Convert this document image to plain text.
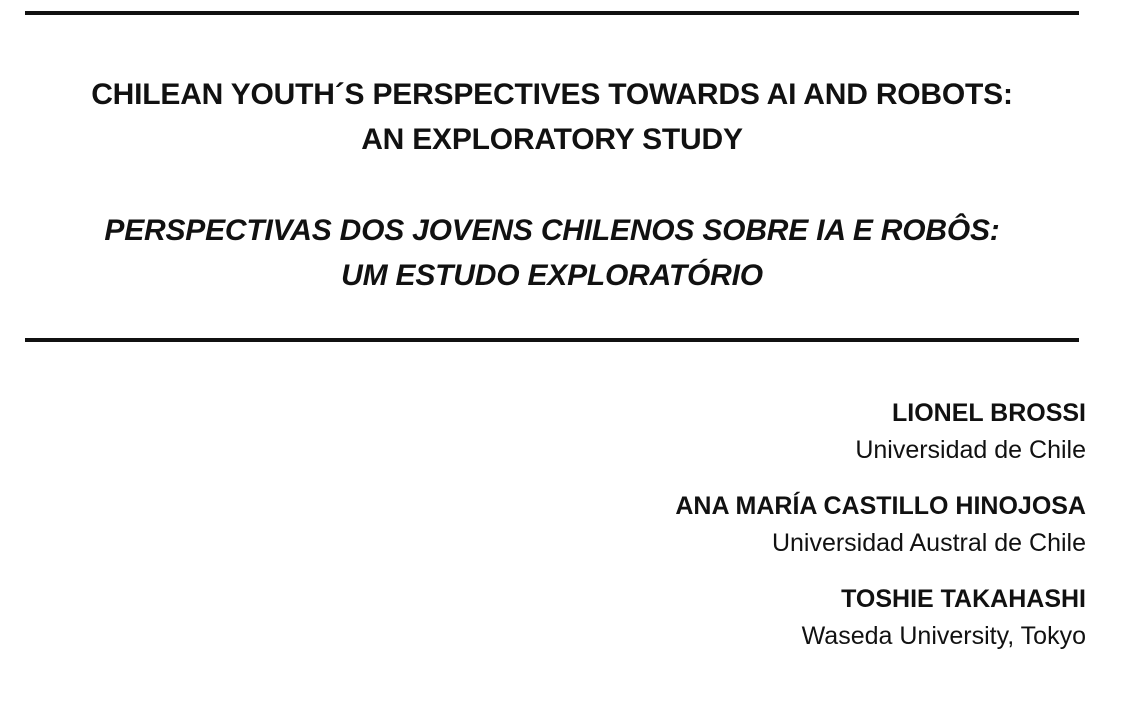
CHILEAN YOUTH´S PERSPECTIVES TOWARDS AI AND ROBOTS:
AN EXPLORATORY STUDY
PERSPECTIVAS DOS JOVENS CHILENOS SOBRE IA E ROBÔS:
UM ESTUDO EXPLORATÓRIO
LIONEL BROSSI
Universidad de Chile
ANA MARÍA CASTILLO HINOJOSA
Universidad Austral de Chile
TOSHIE TAKAHASHI
Waseda University, Tokyo
